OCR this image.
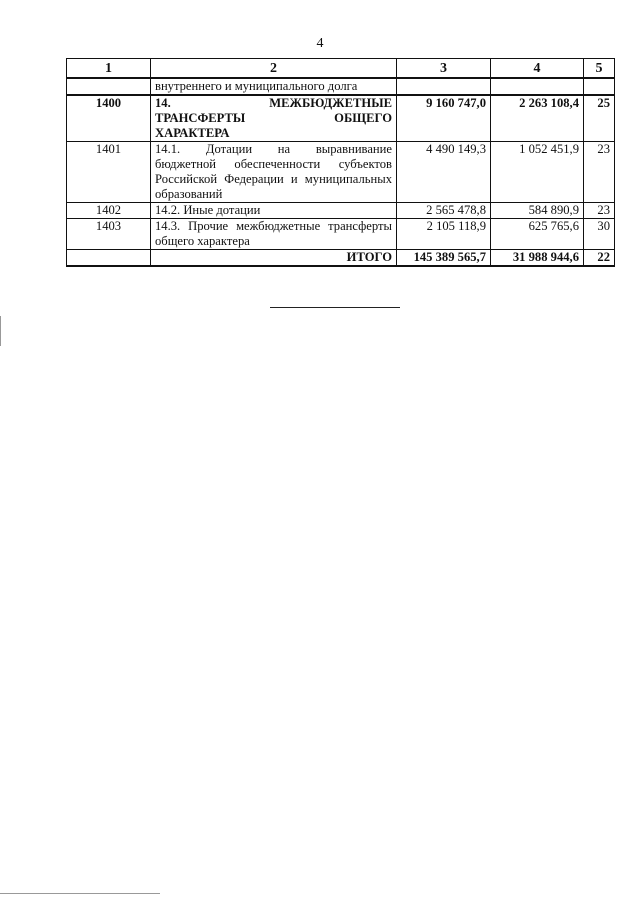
4
1	2	3	4	5
	внутреннего и муниципального долга			
1400	14. МЕЖБЮДЖЕТНЫЕ
ТРАНСФЕРТЫ ОБЩЕГО
ХАРАКТЕРА	9 160 747,0	2 263 108,4	25
1401	14.1. Дотации на выравнивание
бюджетной обеспеченности субъектов
Российской Федерации и муниципальных
образований	4 490 149,3	1 052 451,9	23
1402	14.2. Иные дотации	2 565 478,8	584 890,9	23
1403	14.3. Прочие межбюджетные трансферты
общего характера	2 105 118,9	625 765,6	30
	ИТОГО	145 389 565,7	31 988 944,6	22
